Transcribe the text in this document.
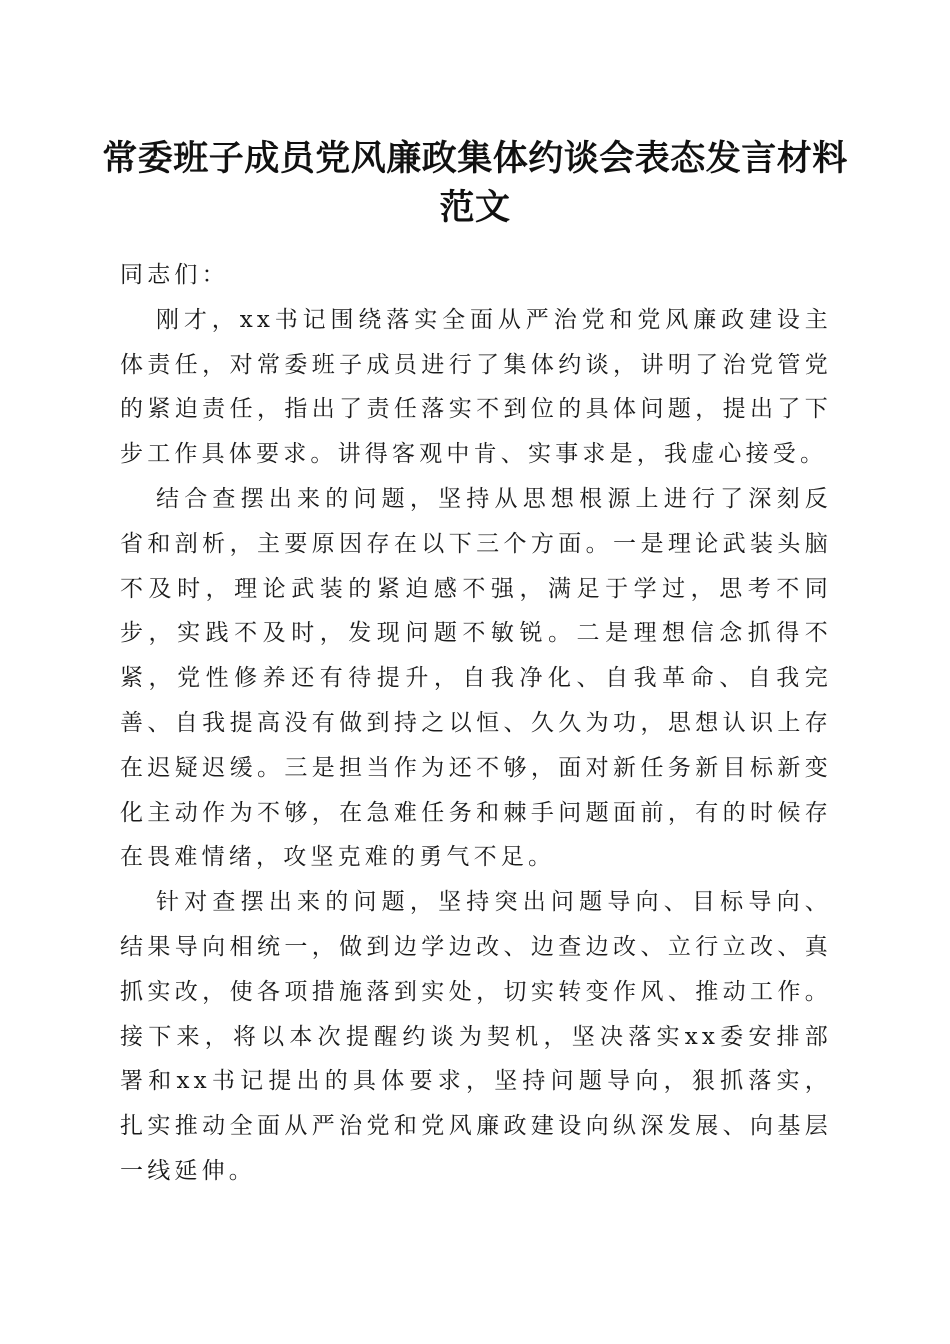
常委班子成员党风廉政集体约谈会表态发言材料范文

同志们：

刚才，xx书记围绕落实全面从严治党和党风廉政建设主体责任，对常委班子成员进行了集体约谈，讲明了治党管党的紧迫责任，指出了责任落实不到位的具体问题，提出了下步工作具体要求。讲得客观中肯、实事求是，我虚心接受。

结合查摆出来的问题，坚持从思想根源上进行了深刻反省和剖析，主要原因存在以下三个方面。一是理论武装头脑不及时，理论武装的紧迫感不强，满足于学过，思考不同步，实践不及时，发现问题不敏锐。二是理想信念抓得不紧，党性修养还有待提升，自我净化、自我革命、自我完善、自我提高没有做到持之以恒、久久为功，思想认识上存在迟疑迟缓。三是担当作为还不够，面对新任务新目标新变化主动作为不够，在急难任务和棘手问题面前，有的时候存在畏难情绪，攻坚克难的勇气不足。

针对查摆出来的问题，坚持突出问题导向、目标导向、结果导向相统一，做到边学边改、边查边改、立行立改、真抓实改，使各项措施落到实处，切实转变作风、推动工作。接下来，将以本次提醒约谈为契机，坚决落实xx委安排部署和xx书记提出的具体要求，坚持问题导向，狠抓落实，扎实推动全面从严治党和党风廉政建设向纵深发展、向基层一线延伸。
